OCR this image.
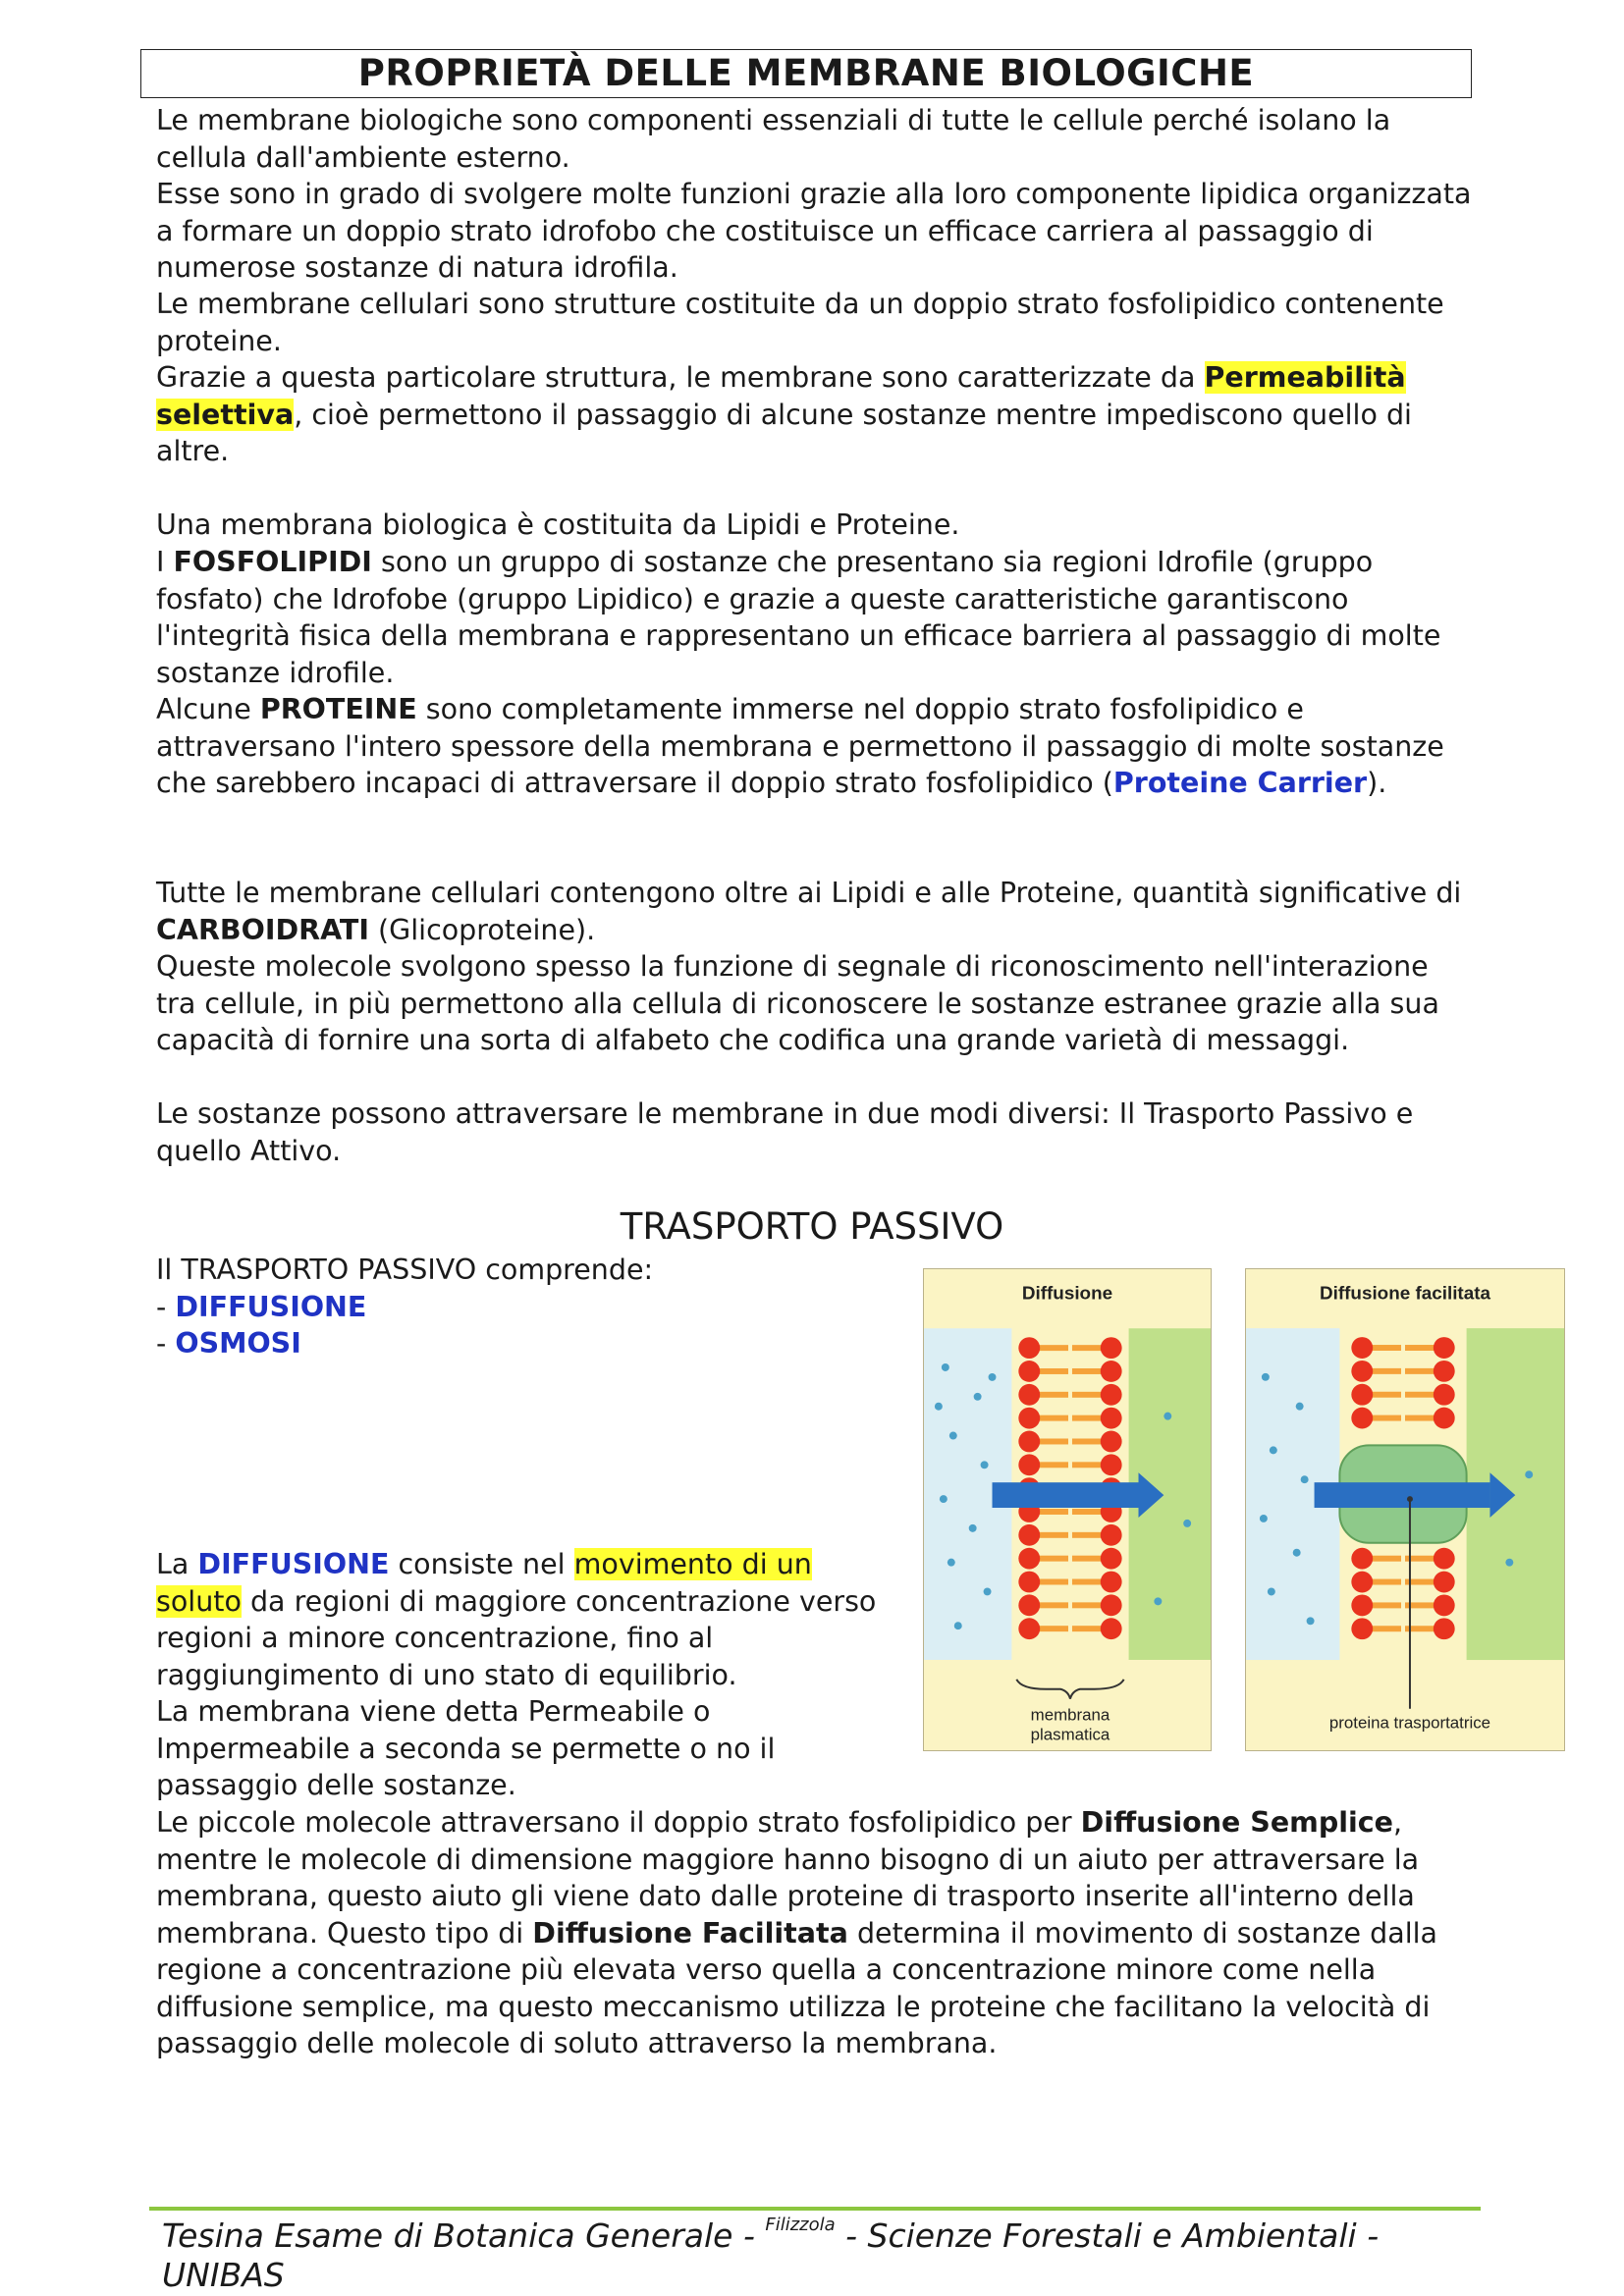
PROPRIETÀ DELLE MEMBRANE BIOLOGICHE

Le membrane biologiche sono componenti essenziali di tutte le cellule perché isolano la cellula dall'ambiente esterno.

Esse sono in grado di svolgere molte funzioni grazie alla loro componente lipidica organizzata a formare un doppio strato idrofobo che costituisce un efficace carriera al passaggio di numerose sostanze di natura idrofila.

Le membrane cellulari sono strutture costituite da un doppio strato fosfolipidico contenente proteine.

Grazie a questa particolare struttura, le membrane sono caratterizzate da Permeabilità selettiva, cioè permettono il passaggio di alcune sostanze mentre impediscono quello di altre.

Una membrana biologica è costituita da Lipidi e Proteine.

I FOSFOLIPIDI sono un gruppo di sostanze che presentano sia regioni Idrofile (gruppo fosfato) che Idrofobe (gruppo Lipidico) e grazie a queste caratteristiche garantiscono l'integrità fisica della membrana e rappresentano un efficace barriera al passaggio di molte sostanze idrofile.

Alcune PROTEINE sono completamente immerse nel doppio strato fosfolipidico e attraversano l'intero spessore della membrana e permettono il passaggio di molte sostanze che sarebbero incapaci di attraversare il doppio strato fosfolipidico (Proteine Carrier).

Tutte le membrane cellulari contengono oltre ai Lipidi e alle Proteine, quantità significative di CARBOIDRATI (Glicoproteine).

Queste molecole svolgono spesso la funzione di segnale di riconoscimento nell'interazione tra cellule, in più permettono alla cellula di riconoscere le sostanze estranee grazie alla sua capacità di fornire una sorta di alfabeto che codifica una grande varietà di messaggi.

Le sostanze possono attraversare le membrane in due modi diversi: Il Trasporto Passivo e quello Attivo.

TRASPORTO PASSIVO

Il TRASPORTO PASSIVO comprende:

- DIFFUSIONE

- OSMOSI

La DIFFUSIONE consiste nel movimento di un soluto da regioni di maggiore concentrazione verso regioni a minore concentrazione, fino al raggiungimento di uno stato di equilibrio.

La membrana viene detta Permeabile o Impermeabile a seconda se permette o no il passaggio delle sostanze.

Le piccole molecole attraversano il doppio strato fosfolipidico per Diffusione Semplice, mentre le molecole di dimensione maggiore hanno bisogno di un aiuto per attraversare la membrana, questo aiuto gli viene dato dalle proteine di trasporto inserite all'interno della membrana. Questo tipo di Diffusione Facilitata determina il movimento di sostanze dalla regione a concentrazione più elevata verso quella a concentrazione minore come nella diffusione semplice, ma questo meccanismo utilizza le proteine che facilitano la velocità di passaggio delle molecole di soluto attraverso la membrana.

Diffusione
membrana
plasmatica
Diffusione facilitata
proteina trasportatrice
Tesina Esame di Botanica Generale - $^{Filizzola}$ - Scienze Forestali e Ambientali - UNIBAS
